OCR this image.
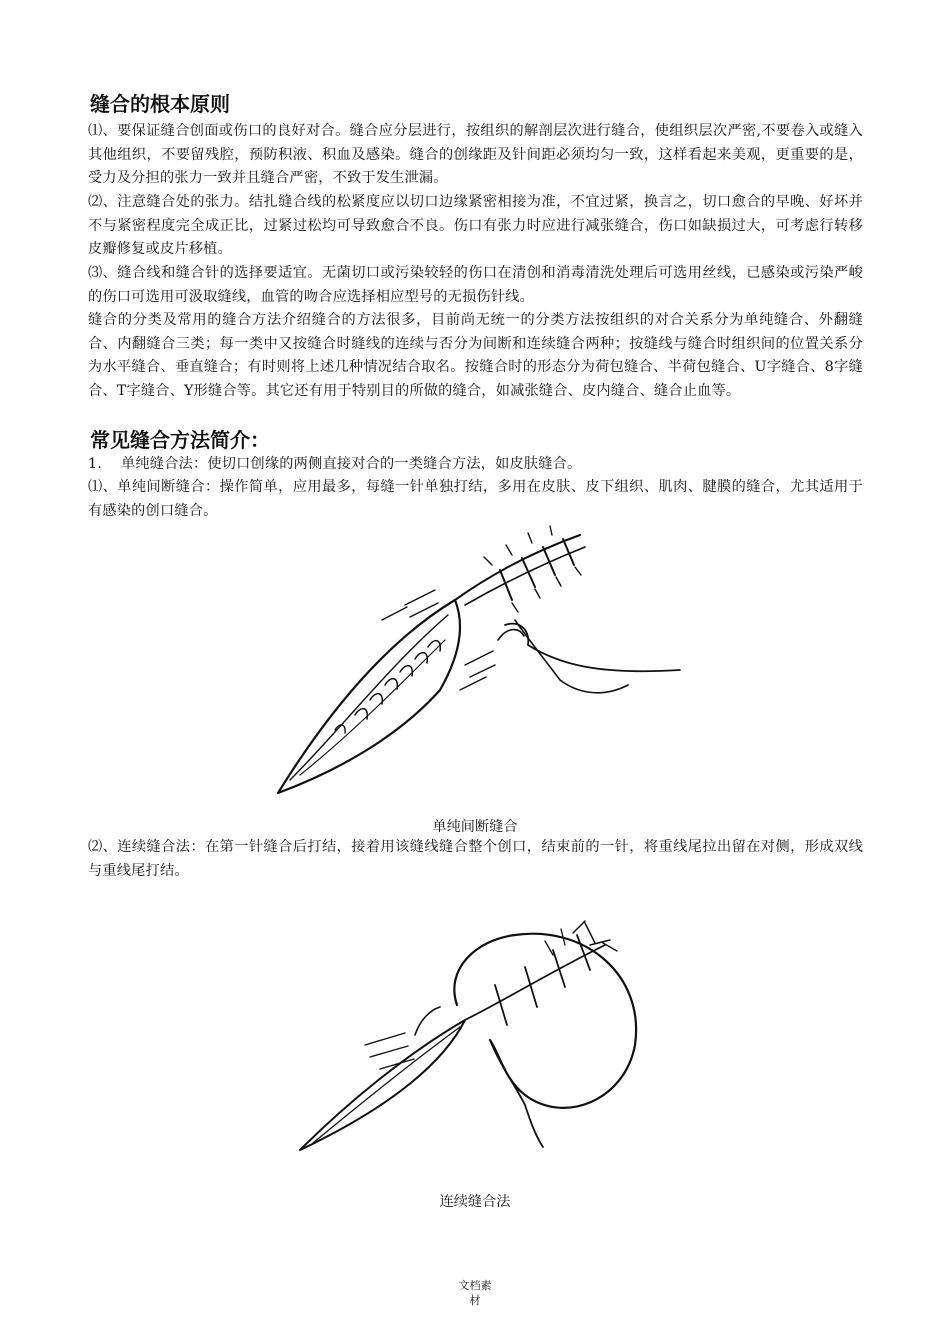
缝合的根本原则

⑴、要保证缝合创面或伤口的良好对合。缝合应分层进行，按组织的解剖层次进行缝合，使组织层次严密,不要卷入或缝入其他组织，不要留残腔，预防积液、积血及感染。缝合的创缘距及针间距必须均匀一致，这样看起来美观，更重要的是，受力及分担的张力一致并且缝合严密，不致于发生泄漏。

⑵、注意缝合处的张力。结扎缝合线的松紧度应以切口边缘紧密相接为准，不宜过紧，换言之，切口愈合的早晚、好坏并不与紧密程度完全成正比，过紧过松均可导致愈合不良。伤口有张力时应进行减张缝合，伤口如缺损过大，可考虑行转移皮瓣修复或皮片移植。

⑶、缝合线和缝合针的选择要适宜。无菌切口或污染较轻的伤口在清创和消毒清洗处理后可选用丝线，已感染或污染严峻的伤口可选用可汲取缝线，血管的吻合应选择相应型号的无损伤针线。

缝合的分类及常用的缝合方法介绍缝合的方法很多，目前尚无统一的分类方法按组织的对合关系分为单纯缝合、外翻缝合、内翻缝合三类；每一类中又按缝合时缝线的连续与否分为间断和连续缝合两种；按缝线与缝合时组织间的位置关系分为水平缝合、垂直缝合；有时则将上述几种情况结合取名。按缝合时的形态分为荷包缝合、半荷包缝合、U字缝合、8字缝合、T字缝合、Y形缝合等。其它还有用于特别目的所做的缝合，如减张缝合、皮内缝合、缝合止血等。

常见缝合方法简介：

1.　 单纯缝合法：使切口创缘的两侧直接对合的一类缝合方法，如皮肤缝合。

⑴、单纯间断缝合：操作简单，应用最多，每缝一针单独打结，多用在皮肤、皮下组织、肌肉、腱膜的缝合，尤其适用于有感染的创口缝合。

单纯间断缝合

⑵、连续缝合法：在第一针缝合后打结，接着用该缝线缝合整个创口，结束前的一针，将重线尾拉出留在对侧，形成双线与重线尾打结。

连续缝合法

文档素
材
